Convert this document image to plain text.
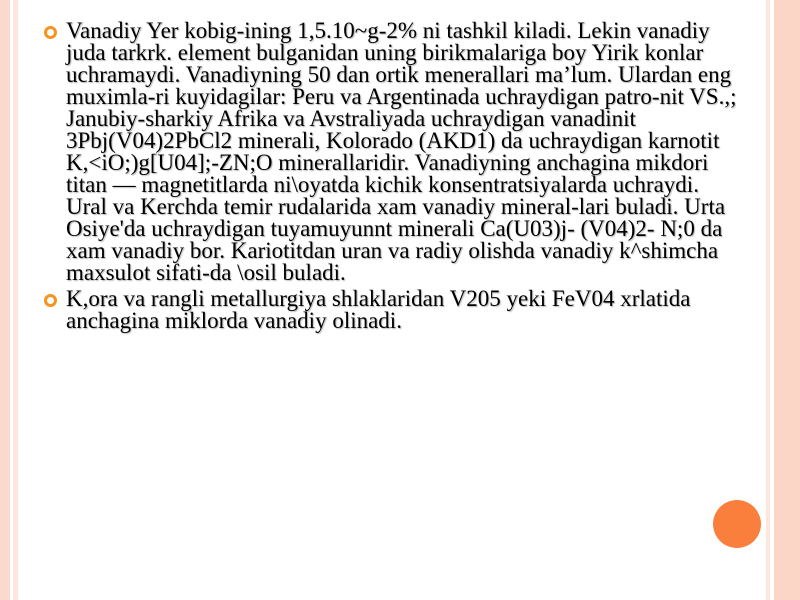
Vanadiy Yer kobig-ining 1,5.10~g-2% ni tashkil kiladi. Lekin vanadiy juda tarkrk. element bulganidan uning birikmalariga boy Yirik konlar uchramaydi. Vanadiyning 50 dan ortik menerallari ma’lum. Ulardan eng muximla-ri kuyidagilar: Peru va Argentinada uchraydigan patro-nit VS.,; Janubiy-sharkiy Afrika va Avstraliyada uchraydigan vanadinit 3Pbj(V04)2PbCl2 minerali, Kolorado (AKD1) da uchraydigan karnotit K,<iO;)g[U04];-ZN;O minerallaridir. Vanadiyning anchagina mikdori titan — magnetitlarda ni\oyatda kichik konsentratsiyalarda uchraydi. Ural va Kerchda temir rudalarida xam vanadiy mineral-lari buladi. Urta Osiye'da uchraydigan tuyamuyunnt minerali Ca(U03)j- (V04)2- N;0 da xam vanadiy bor. Kariotitdan uran va radiy olishda vanadiy k^shimcha maxsulot sifati-da \osil buladi.
K,ora va rangli metallurgiya shlaklaridan V205 yeki FeV04 xrlatida anchagina miklorda vanadiy olinadi.
